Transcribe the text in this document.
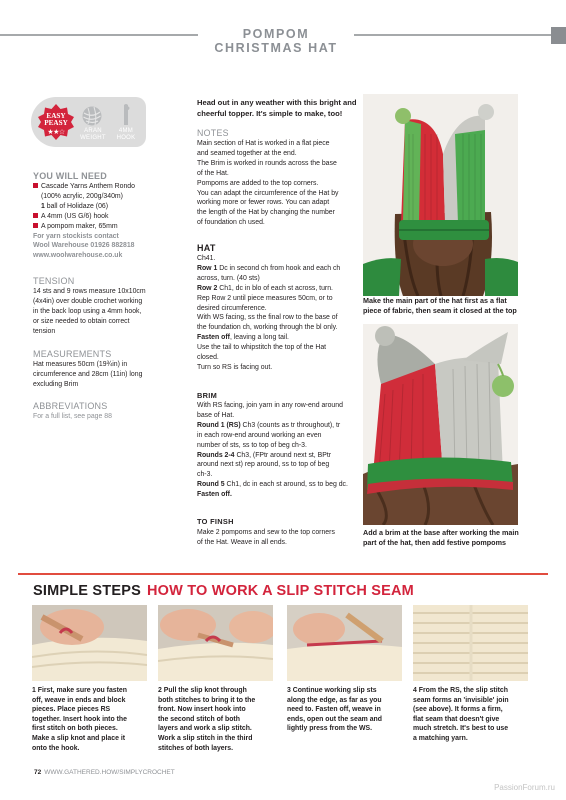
POMPOM CHRISTMAS HAT
EASY
PEASY
★★☆	ARAN
WEIGHT
4MM
HOOK
YOU WILL NEED
Cascade Yarns Anthem Rondo
(100% acrylic, 200g/340m)
1 ball of Holidaze (06)
A 4mm (US G/6) hook
A pompom maker, 65mm
For yarn stockists contact
Wool Warehouse 01926 882818
www.woolwarehouse.co.uk
TENSION
14 sts and 9 rows measure 10x10cm
(4x4in) over double crochet working
in the back loop using a 4mm hook,
or size needed to obtain correct
tension
MEASUREMENTS
Hat measures 50cm (19¾in) in
circumference and 28cm (11in) long
excluding Brim
ABBREVIATIONS
For a full list, see page 88
Head out in any weather with this bright and
cheerful topper. It's simple to make, too!
NOTES
Main section of Hat is worked in a flat piece
and seamed together at the end.
The Brim is worked in rounds across the base
of the Hat.
Pompoms are added to the top corners.
You can adapt the circumference of the Hat by
working more or fewer rows. You can adapt
the length of the Hat by changing the number
of foundation ch used.
HAT
Ch41.
Row 1 Dc in second ch from hook and each ch
across, turn. (40 sts)
Row 2 Ch1, dc in blo of each st across, turn.
Rep Row 2 until piece measures 50cm, or to
desired circumference.
With WS facing, ss the final row to the base of
the foundation ch, working through the bl only.
Fasten off, leaving a long tail.
Use the tail to whipstitch the top of the Hat
closed.
Turn so RS is facing out.
BRIM
With RS facing, join yarn in any row-end around
base of Hat.
Round 1 (RS) Ch3 (counts as tr throughout), tr
in each row-end around working an even
number of sts, ss to top of beg ch-3.
Rounds 2-4 Ch3, (FPtr around next st, BPtr
around next st) rep around, ss to top of beg
ch-3.
Round 5 Ch1, dc in each st around, ss to beg dc.
Fasten off.
TO FINSH
Make 2 pompoms and sew to the top corners
of the Hat. Weave in all ends.
Make the main part of the hat first as a flat
piece of fabric, then seam it closed at the top
Add a brim at the base after working the main
part of the hat, then add festive pompoms
SIMPLE STEPS HOW TO WORK A SLIP STITCH SEAM
1 First, make sure you fasten
off, weave in ends and block
pieces. Place pieces RS
together. Insert hook into the
first stitch on both pieces.
Make a slip knot and place it
onto the hook.
2 Pull the slip knot through
both stitches to bring it to the
front. Now insert hook into
the second stitch of both
layers and work a slip stitch.
Work a slip stitch in the third
stitches of both layers.
3 Continue working slip sts
along the edge, as far as you
need to. Fasten off, weave in
ends, open out the seam and
lightly press from the WS.
4 From the RS, the slip stitch
seam forms an 'invisible' join
(see above). It forms a firm,
flat seam that doesn't give
much stretch. It's best to use
a matching yarn.
72 WWW.GATHERED.HOW/SIMPLYCROCHET
PassionForum.ru
